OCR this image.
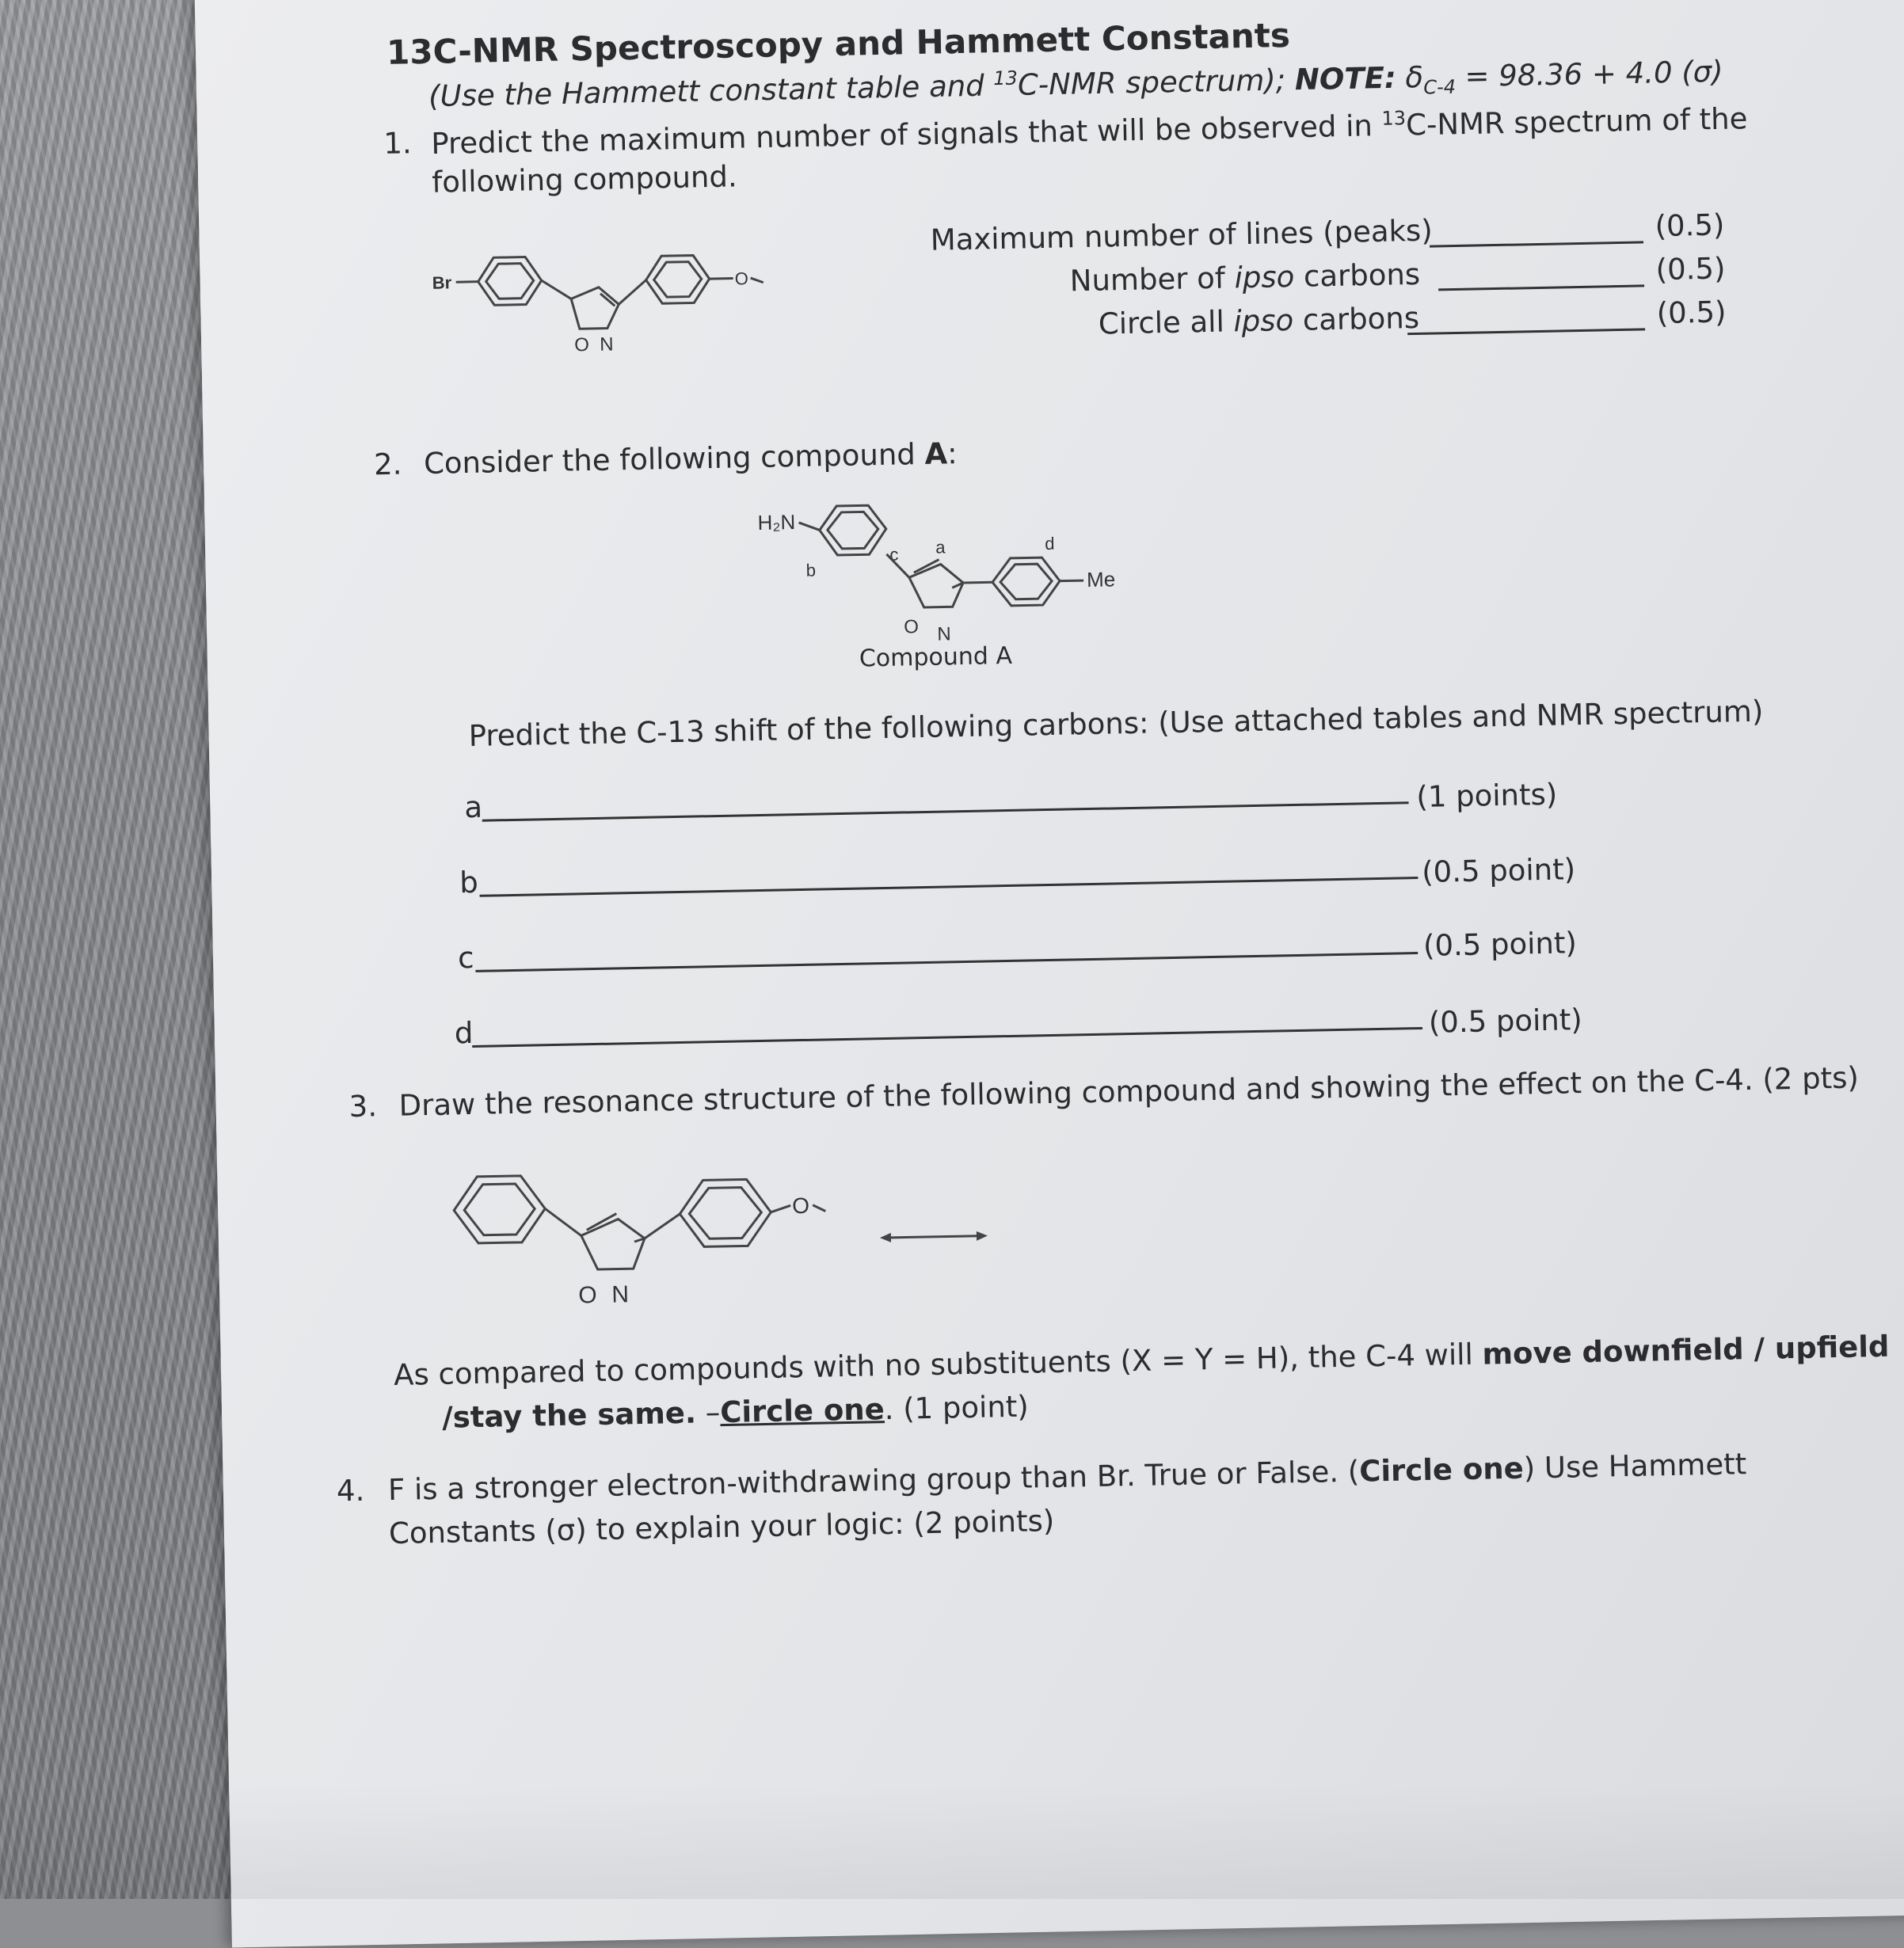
13C-NMR Spectroscopy and Hammett Constants
(Use the Hammett constant table and $^{13}$C-NMR spectrum); NOTE: $\delta_{C-4} = 98.36 + 4.0$ (σ)
1. Predict the maximum number of signals that will be observed in $^{13}$C-NMR spectrum of the
following compound.
Br	O
O N
Maximum number of lines (peaks)	(0.5)
Number of ipso carbons	(0.5)
Circle all ipso carbons	(0.5)
2. Consider the following compound A:
H₂N
b
c a	d
Me
O N
Compound A
Predict the C-13 shift of the following carbons: (Use attached tables and NMR spectrum)
a	(1 points)
b	(0.5 point)
c	(0.5 point)
d	(0.5 point)
3. Draw the resonance structure of the following compound and showing the effect on the C-4. (2 pts)
O
O N
As compared to compounds with no substituents (X = Y = H), the C-4 will move downfield / upfield
/stay the same. –Circle one. (1 point)
4. F is a stronger electron-withdrawing group than Br. True or False. (Circle one) Use Hammett
Constants (σ) to explain your logic: (2 points)
